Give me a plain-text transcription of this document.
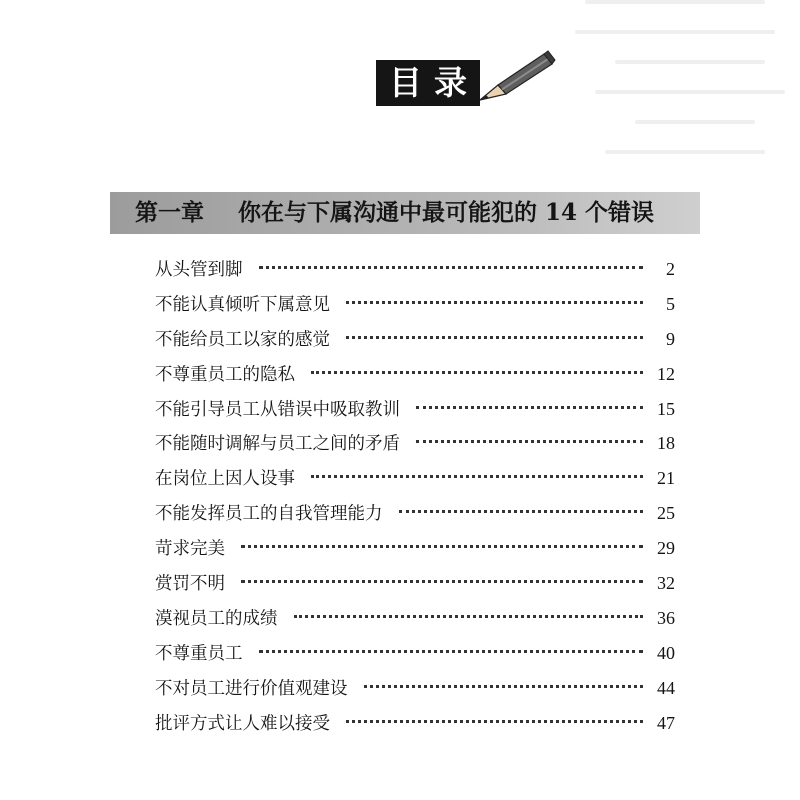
目录
第一章 你在与下属沟通中最可能犯的 14 个错误
从头管到脚	2
不能认真倾听下属意见	5
不能给员工以家的感觉	9
不尊重员工的隐私	12
不能引导员工从错误中吸取教训	15
不能随时调解与员工之间的矛盾	18
在岗位上因人设事	21
不能发挥员工的自我管理能力	25
苛求完美	29
赏罚不明	32
漠视员工的成绩	36
不尊重员工	40
不对员工进行价值观建设	44
批评方式让人难以接受	47
